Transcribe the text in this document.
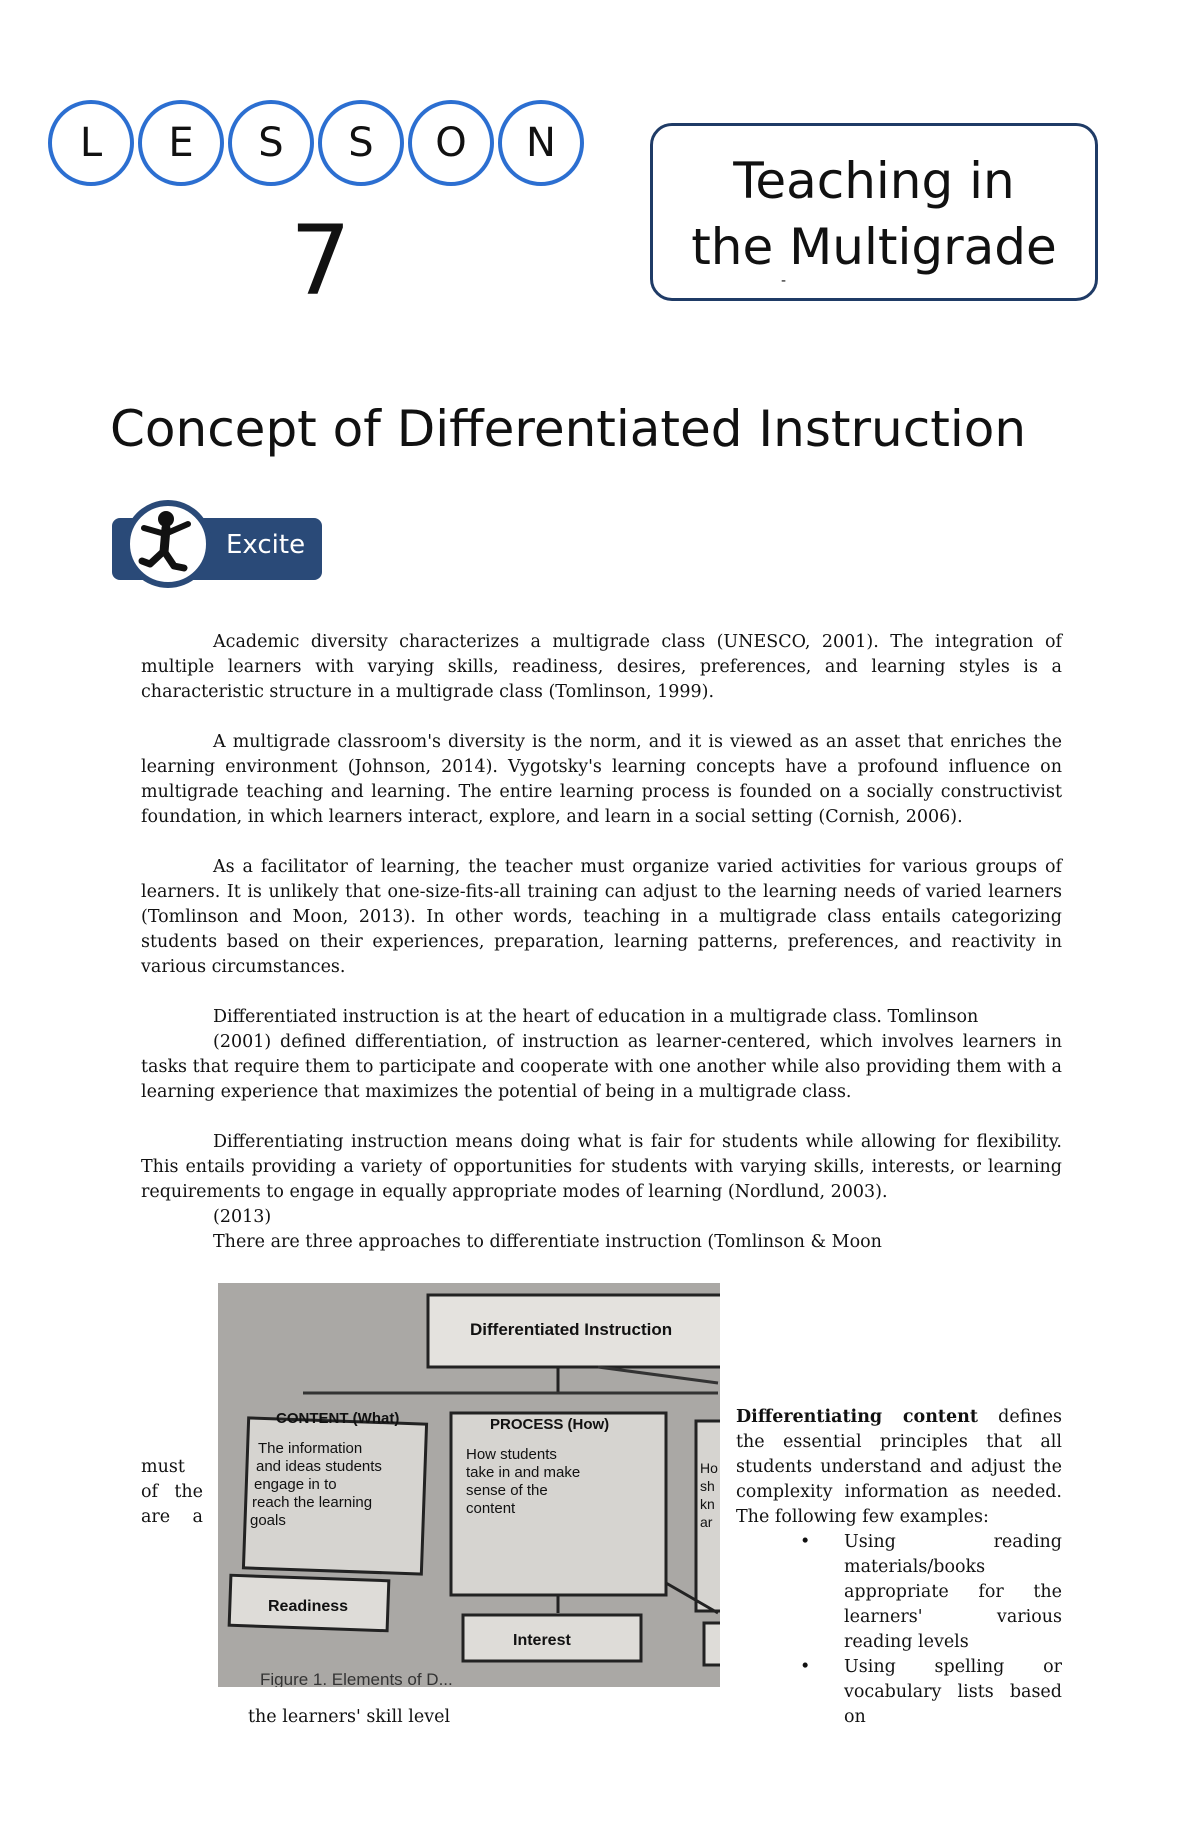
L	E	S	S	O	N
7
Teaching in
the Multigrade
-
Concept of Differentiated Instruction
Excite
Academic diversity characterizes a multigrade class (UNESCO, 2001). The integration of multiple learners with varying skills, readiness, desires, preferences, and learning styles is a characteristic structure in a multigrade class (Tomlinson, 1999).
A multigrade classroom's diversity is the norm, and it is viewed as an asset that enriches the learning environment (Johnson, 2014). Vygotsky's learning concepts have a profound influence on multigrade teaching and learning. The entire learning process is founded on a socially constructivist foundation, in which learners interact, explore, and learn in a social setting (Cornish, 2006).
As a facilitator of learning, the teacher must organize varied activities for various groups of learners. It is unlikely that one-size-fits-all training can adjust to the learning needs of varied learners (Tomlinson and Moon, 2013). In other words, teaching in a multigrade class entails categorizing students based on their experiences, preparation, learning patterns, preferences, and reactivity in various circumstances.
Differentiated instruction is at the heart of education in a multigrade class. Tomlinson
(2001) defined differentiation, of instruction as learner-centered, which involves learners in tasks that require them to participate and cooperate with one another while also providing them with a learning experience that maximizes the potential of being in a multigrade class.
Differentiating instruction means doing what is fair for students while allowing for flexibility. This entails providing a variety of opportunities for students with varying skills, interests, or learning requirements to engage in equally appropriate modes of learning (Nordlund, 2003).
(2013)
There are three approaches to differentiate instruction (Tomlinson & Moon
must
of the
are a
Differentiated Instruction
CONTENT (What)
The information
and ideas students
engage in to
reach the learning
goals
PROCESS (How)
How students
take in and make
sense of the
content
Ho
sh
kn
ar
Readiness
Interest
Figure 1. Elements of D...
Differentiating content defines the essential principles that all students understand and adjust the complexity information as needed. The following few examples:
• Using reading materials/books appropriate for the learners' various reading levels
• Using spelling or vocabulary lists based on
the learners' skill level
